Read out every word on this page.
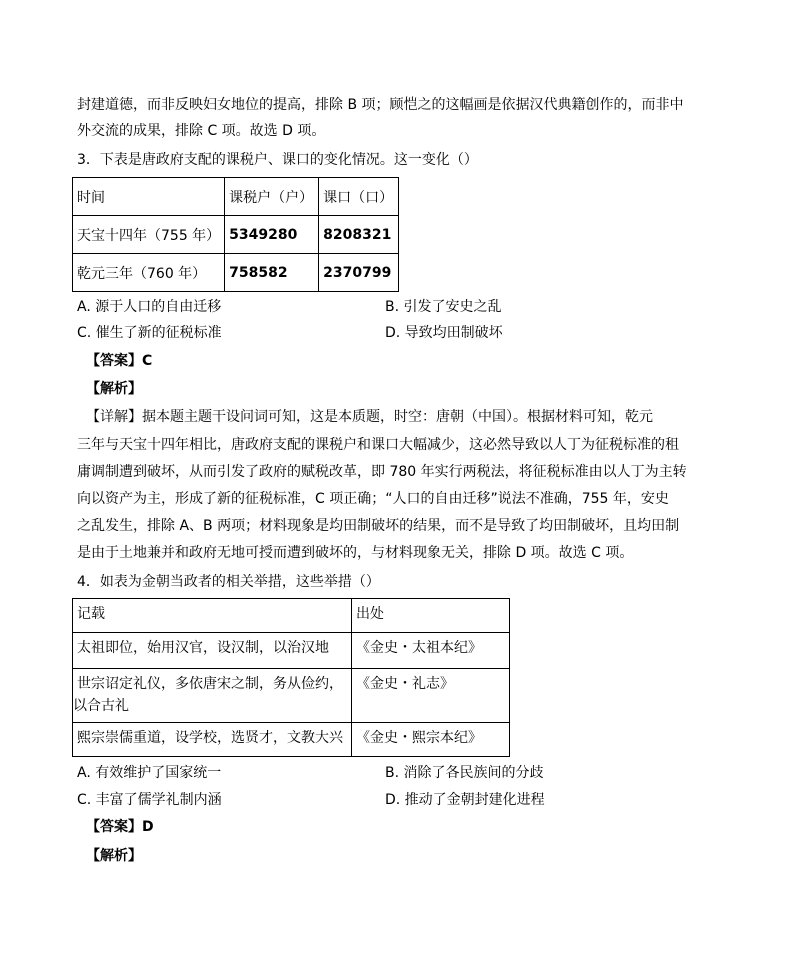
封建道德，而非反映妇女地位的提高，排除 B 项；顾恺之的这幅画是依据汉代典籍创作的，而非中
外交流的成果，排除 C 项。故选 D 项。
3．下表是唐政府支配的课税户、课口的变化情况。这一变化（）
时间	课税户（户）	课口（口）
天宝十四年（755 年）	5349280	8208321
乾元三年（760 年）	758582	2370799
A. 源于人口的自由迁移	B. 引发了安史之乱
C. 催生了新的征税标准	D. 导致均田制破坏
【答案】C
【解析】
【详解】据本题主题干设问词可知，这是本质题，时空：唐朝（中国）。根据材料可知，乾元
三年与天宝十四年相比，唐政府支配的课税户和课口大幅减少，这必然导致以人丁为征税标准的租
庸调制遭到破坏，从而引发了政府的赋税改革，即 780 年实行两税法，将征税标准由以人丁为主转
向以资产为主，形成了新的征税标准，C 项正确；“人口的自由迁移”说法不准确，755 年，安史
之乱发生，排除 A、B 两项；材料现象是均田制破坏的结果，而不是导致了均田制破坏，且均田制
是由于土地兼并和政府无地可授而遭到破坏的，与材料现象无关，排除 D 项。故选 C 项。
4．如表为金朝当政者的相关举措，这些举措（）
记载	出处

太祖即位，始用汉官，设汉制，以治汉地	《金史・太祖本纪》

世宗诏定礼仪，多依唐宋之制，务从俭约，
以合古礼	《金史・礼志》

熙宗崇儒重道，设学校，选贤才，文教大兴	《金史・熙宗本纪》
A. 有效维护了国家统一	B. 消除了各民族间的分歧
C. 丰富了儒学礼制内涵	D. 推动了金朝封建化进程
【答案】D
【解析】
